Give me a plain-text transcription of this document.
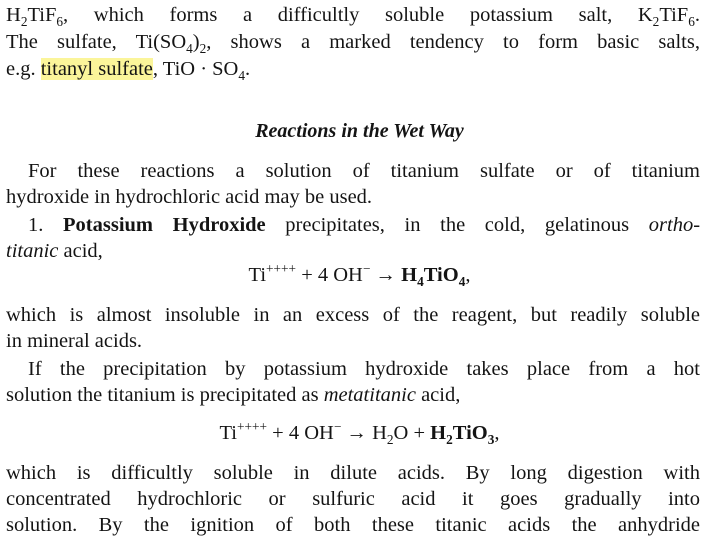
$H_2TiF_6$, which forms a difficultly soluble potassium salt, $K_2TiF_6$.
The sulfate, $Ti(SO_4)_2$, shows a marked tendency to form basic salts,
e.g. titanyl sulfate, TiO · $SO_4$.
Reactions in the Wet Way
For these reactions a solution of titanium sulfate or of titanium
hydroxide in hydrochloric acid may be used.
1. Potassium Hydroxide precipitates, in the cold, gelatinous ortho-
titanic acid,
Ti++++ + 4 $OH^- \to H_4TiO_4$,
which is almost insoluble in an excess of the reagent, but readily soluble
in mineral acids.
If the precipitation by potassium hydroxide takes place from a hot
solution the titanium is precipitated as metatitanic acid,
Ti++++ + 4 $OH^- \to H_2O + H_2TiO_3$,
which is difficultly soluble in dilute acids. By long digestion with
concentrated hydrochloric or sulfuric acid it goes gradually into
solution. By the ignition of both these titanic acids the anhydride
